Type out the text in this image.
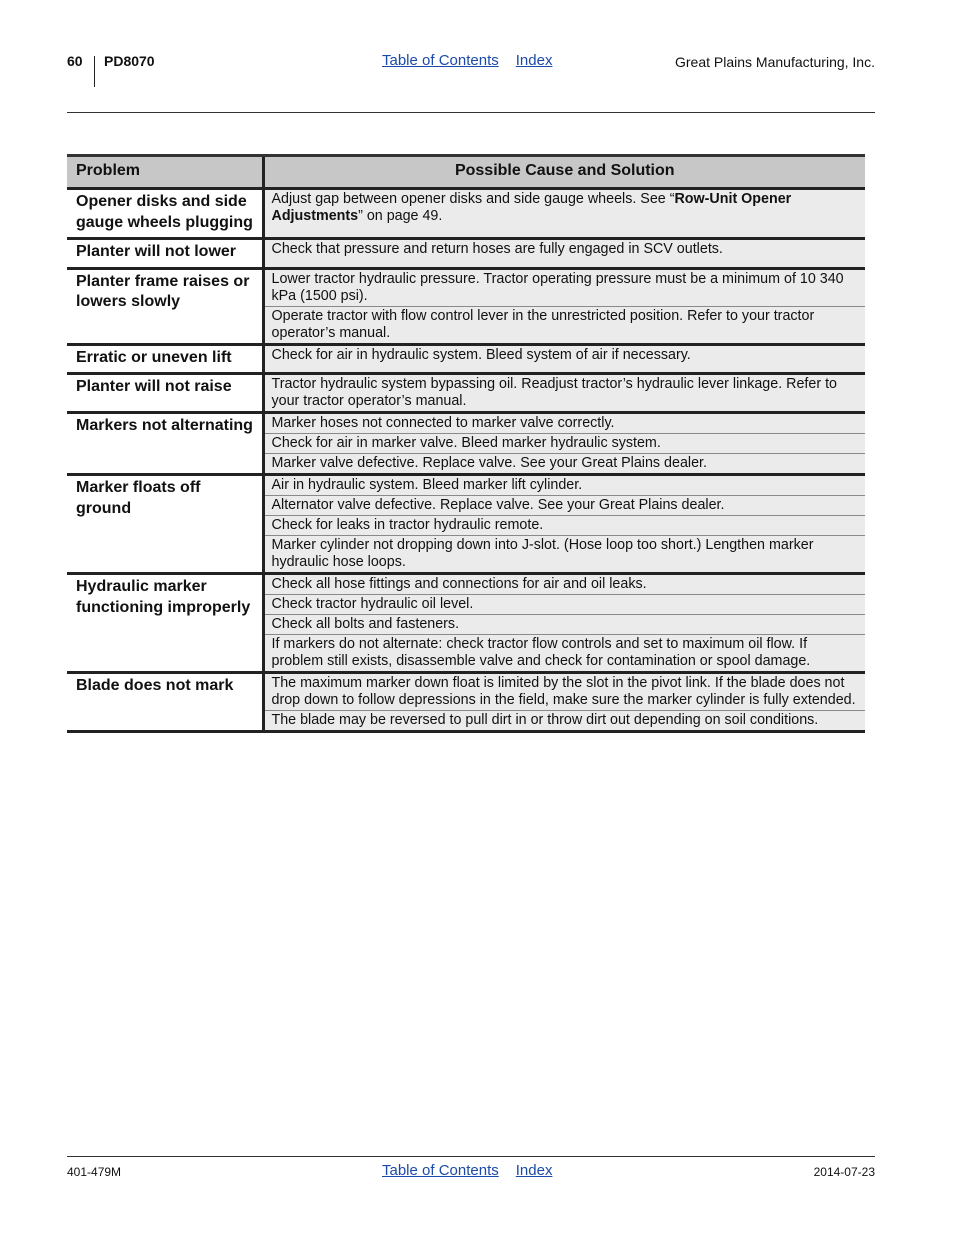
60 PD8070	Table of Contents Index	Great Plains Manufacturing, Inc.
Problem	Possible Cause and Solution
Opener disks and side gauge wheels plugging	Adjust gap between opener disks and side gauge wheels. See “Row-Unit Opener Adjustments” on page 49.
Planter will not lower	Check that pressure and return hoses are fully engaged in SCV outlets.
Planter frame raises or lowers slowly	Lower tractor hydraulic pressure. Tractor operating pressure must be a minimum of 10 340 kPa (1500 psi).
	Operate tractor with flow control lever in the unrestricted position. Refer to your tractor operator’s manual.
Erratic or uneven lift	Check for air in hydraulic system. Bleed system of air if necessary.
Planter will not raise	Tractor hydraulic system bypassing oil. Readjust tractor’s hydraulic lever linkage. Refer to your tractor operator’s manual.
Markers not alternating	Marker hoses not connected to marker valve correctly.
	Check for air in marker valve. Bleed marker hydraulic system.
	Marker valve defective. Replace valve. See your Great Plains dealer.
Marker floats off ground	Air in hydraulic system. Bleed marker lift cylinder.
	Alternator valve defective. Replace valve. See your Great Plains dealer.
	Check for leaks in tractor hydraulic remote.
	Marker cylinder not dropping down into J-slot. (Hose loop too short.) Lengthen marker hydraulic hose loops.
Hydraulic marker functioning improperly	Check all hose fittings and connections for air and oil leaks.
	Check tractor hydraulic oil level.
	Check all bolts and fasteners.
	If markers do not alternate: check tractor flow controls and set to maximum oil flow. If problem still exists, disassemble valve and check for contamination or spool damage.
Blade does not mark	The maximum marker down float is limited by the slot in the pivot link. If the blade does not drop down to follow depressions in the field, make sure the marker cylinder is fully extended.
	The blade may be reversed to pull dirt in or throw dirt out depending on soil conditions.
401-479M	Table of Contents Index	2014-07-23
